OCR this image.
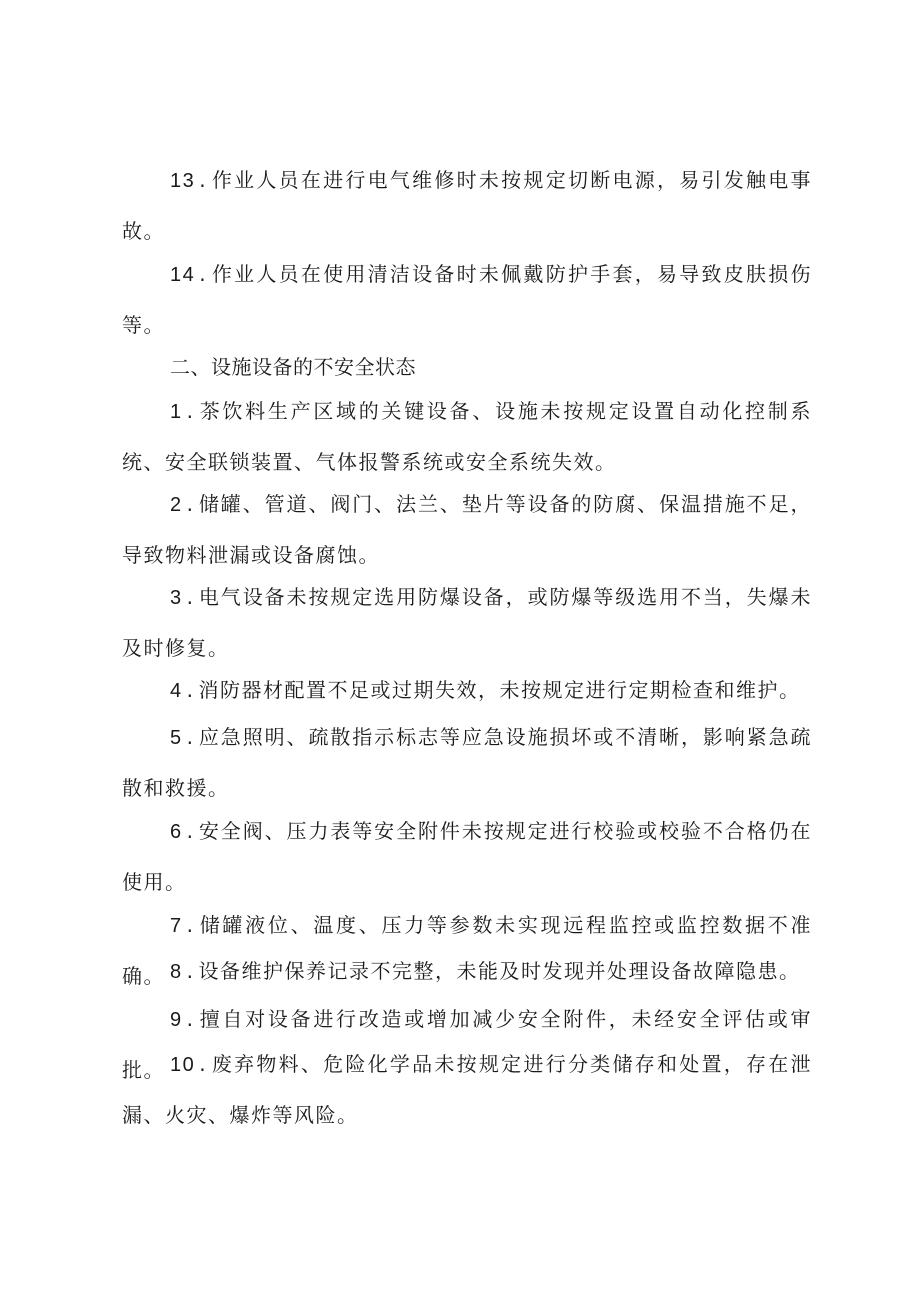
13 . 作业人员在进行电气维修时未按规定切断电源，易引发触电事故。

14 . 作业人员在使用清洁设备时未佩戴防护手套，易导致皮肤损伤等。

二、设施设备的不安全状态

1 . 茶饮料生产区域的关键设备、设施未按规定设置自动化控制系统、安全联锁装置、气体报警系统或安全系统失效。

2 . 储罐、管道、阀门、法兰、垫片等设备的防腐、保温措施不足，导致物料泄漏或设备腐蚀。

3 . 电气设备未按规定选用防爆设备，或防爆等级选用不当，失爆未及时修复。

4 . 消防器材配置不足或过期失效，未按规定进行定期检查和维护。

5 . 应急照明、疏散指示标志等应急设施损坏或不清晰，影响紧急疏散和救援。

6 . 安全阀、压力表等安全附件未按规定进行校验或校验不合格仍在使用。

7 . 储罐液位、温度、压力等参数未实现远程监控或监控数据不准确。 8 . 设备维护保养记录不完整，未能及时发现并处理设备故障隐患。

9 . 擅自对设备进行改造或增加减少安全附件，未经安全评估或审批。 10 . 废弃物料、危险化学品未按规定进行分类储存和处置，存在泄漏、火灾、爆炸等风险。
